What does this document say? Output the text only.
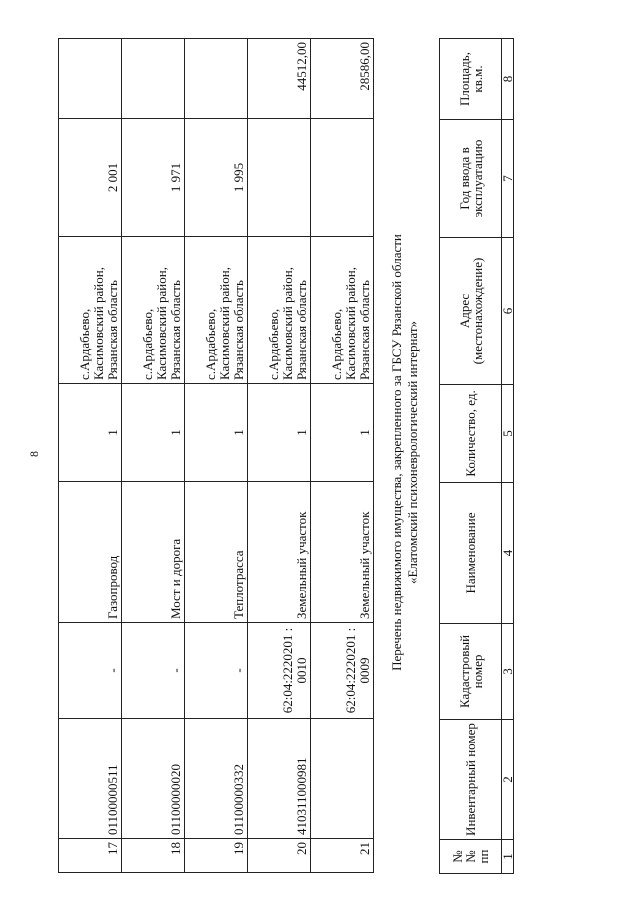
8
17	01100000511	-	Газопровод	1	с.Ардабьево, Касимовский район, Рязанская область	2 001	
18	01100000020	-	Мост и дорога	1	с.Ардабьево, Касимовский район, Рязанская область	1 971	
19	01100000332	-	Теплотрасса	1	с.Ардабьево, Касимовский район, Рязанская область	1 995	
20	410311000981	62:04:2220201 : 0010	Земельный участок	1	с.Ардабьево, Касимовский район, Рязанская область		44512,00
21		62:04:2220201 : 0009	Земельный участок	1	с.Ардабьево, Касимовский район, Рязанская область		28586,00
Перечень недвижимого имущества, закрепленного за ГБСУ Рязанской области «Елатомский психоневрологический интернат»
№ № пп	Инвентарный номер	Кадастровый номер	Наименование	Количество, ед.	Адрес (местонахождение)	Год ввода в эксплуатацию	Площадь, кв.м.
1	2	3	4	5	6	7	8
